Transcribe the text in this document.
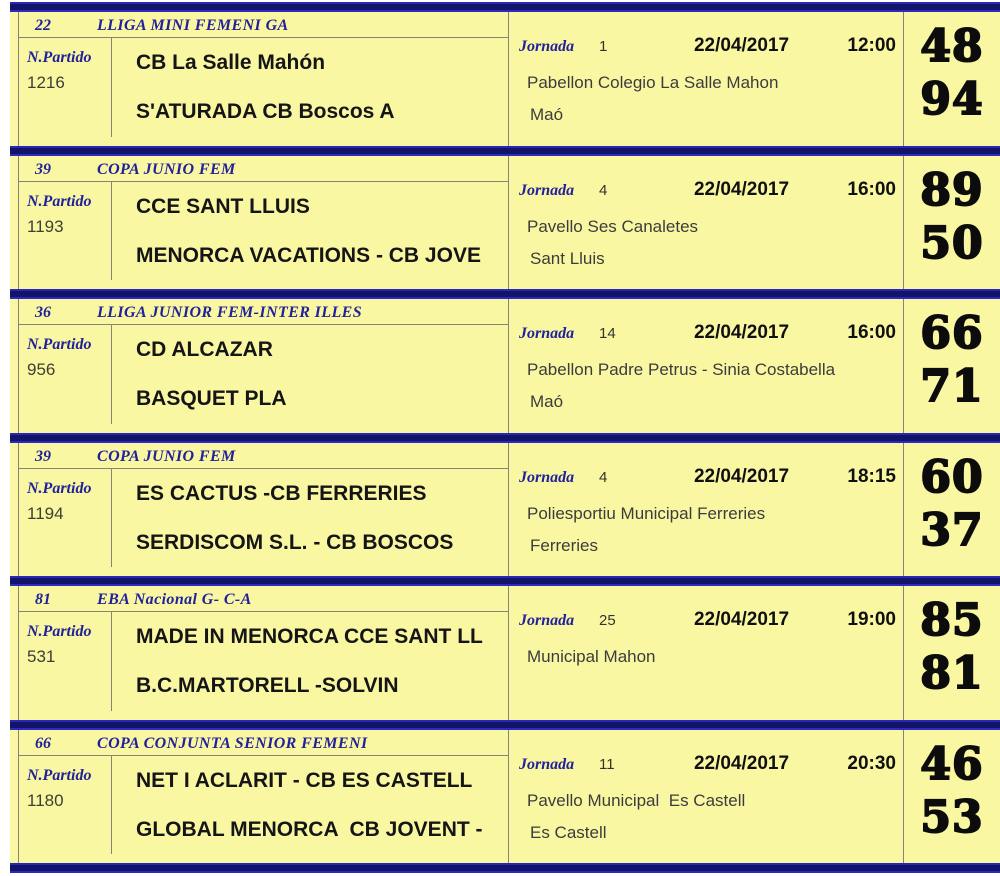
22	LLIGA MINI FEMENI GA
N.Partido
1216
CB La Salle Mahón
S'ATURADA CB Boscos A
Jornada	1	22/04/2017	12:00
Pabellon Colegio La Salle Mahon
Maó
48
94
39	COPA JUNIO FEM
N.Partido
1193
CCE SANT LLUIS
MENORCA VACATIONS - CB JOVE
Jornada	4	22/04/2017	16:00
Pavello Ses Canaletes
Sant Lluis
89
50
36	LLIGA JUNIOR FEM-INTER ILLES
N.Partido
956
CD ALCAZAR
BASQUET PLA
Jornada	14	22/04/2017	16:00
Pabellon Padre Petrus - Sinia Costabella
Maó
66
71
39	COPA JUNIO FEM
N.Partido
1194
ES CACTUS -CB FERRERIES
SERDISCOM S.L. - CB BOSCOS
Jornada	4	22/04/2017	18:15
Poliesportiu Municipal Ferreries
Ferreries
60
37
81	EBA Nacional G- C-A
N.Partido
531
MADE IN MENORCA CCE SANT LL
B.C.MARTORELL -SOLVIN
Jornada	25	22/04/2017	19:00
Municipal Mahon
85
81
66	COPA CONJUNTA SENIOR FEMENI
N.Partido
1180
NET I ACLARIT - CB ES CASTELL
GLOBAL MENORCA  CB JOVENT -
Jornada	11	22/04/2017	20:30
Pavello Municipal  Es Castell
Es Castell
46
53
